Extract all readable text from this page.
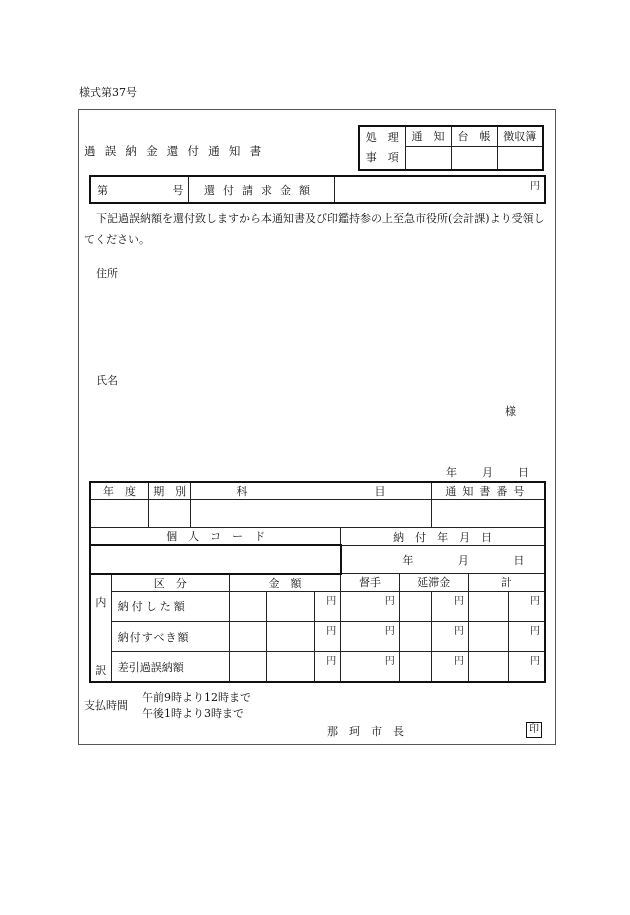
様式第37号
過誤納金還付通知書
処　理
事　項	通　知	台　帳	徴収簿

第	号	還付請求金額	円
下記過誤納額を還付致しますから本通知書及び印鑑持参の上至急市役所(会計課)より受領してください。
住所
氏名
様
年 月 日
年　度		期　別	科 目						通知書番号		

個　人　コ　ー　ド							納　付　年　月　日				
							年 月 日				
	区　分			金　額			督手	延滞金		計	
内	納付した額					円	円		円		円
	納付すべき額					円	円		円		円
訳	差引過誤納額					円	円		円		円
支払時間
午前9時より12時まで
午後1時より3時まで
那　珂　市　長	印
